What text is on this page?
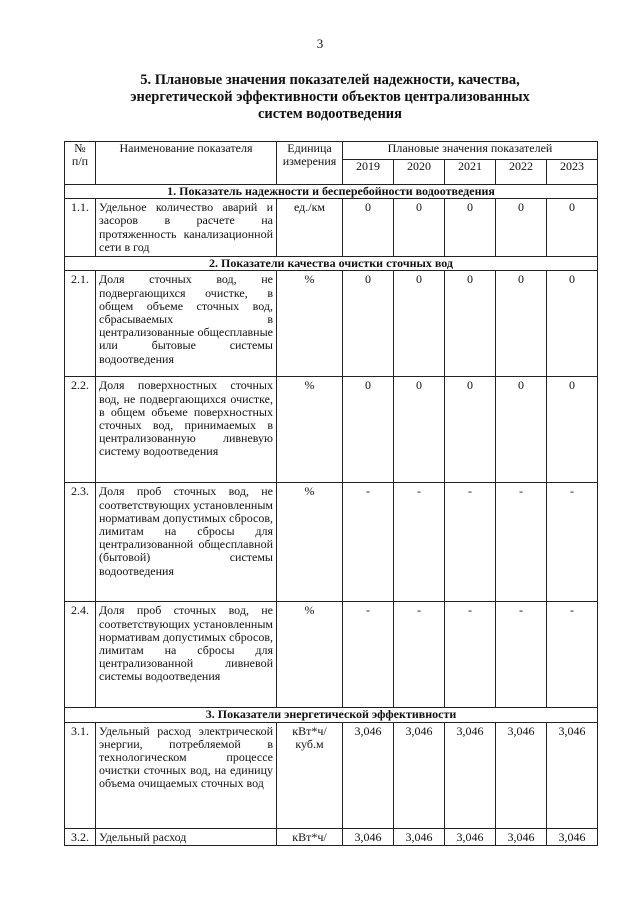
3
5. Плановые значения показателей надежности, качества,
энергетической эффективности объектов централизованных
систем водоотведения
№ п/п	Наименование показателя	Единица измерения	Плановые значения показателей				
			2019	2020	2021	2022	2023
1. Показатель надежности и бесперебойности водоотведения							
1.1.	Удельное количество аварий и засоров в расчете на протяженность канализационной сети в год	ед./км	0	0	0	0	0
2. Показатели качества очистки сточных вод							
2.1.	Доля сточных вод, не подвергающихся очистке, в общем объеме сточных вод, сбрасываемых в централизованные общесплавные или бытовые системы водоотведения	%	0	0	0	0	0
2.2.	Доля поверхностных сточных вод, не подвергающихся очистке, в общем объеме поверхностных сточных вод, принимаемых в централизованную ливневую систему водоотведения	%	0	0	0	0	0
2.3.	Доля проб сточных вод, не соответствующих установленным нормативам допустимых сбросов, лимитам на сбросы для централизованной общесплавной (бытовой) системы водоотведения	%	-	-	-	-	-
2.4.	Доля проб сточных вод, не соответствующих установленным нормативам допустимых сбросов, лимитам на сбросы для централизованной ливневой системы водоотведения	%	-	-	-	-	-
3. Показатели энергетической эффективности							
3.1.	Удельный расход электрической энергии, потребляемой в технологическом процессе очистки сточных вод, на единицу объема очищаемых сточных вод	кВт*ч/ куб.м	3,046	3,046	3,046	3,046	3,046
3.2.	Удельный расход	кВт*ч/	3,046	3,046	3,046	3,046	3,046
